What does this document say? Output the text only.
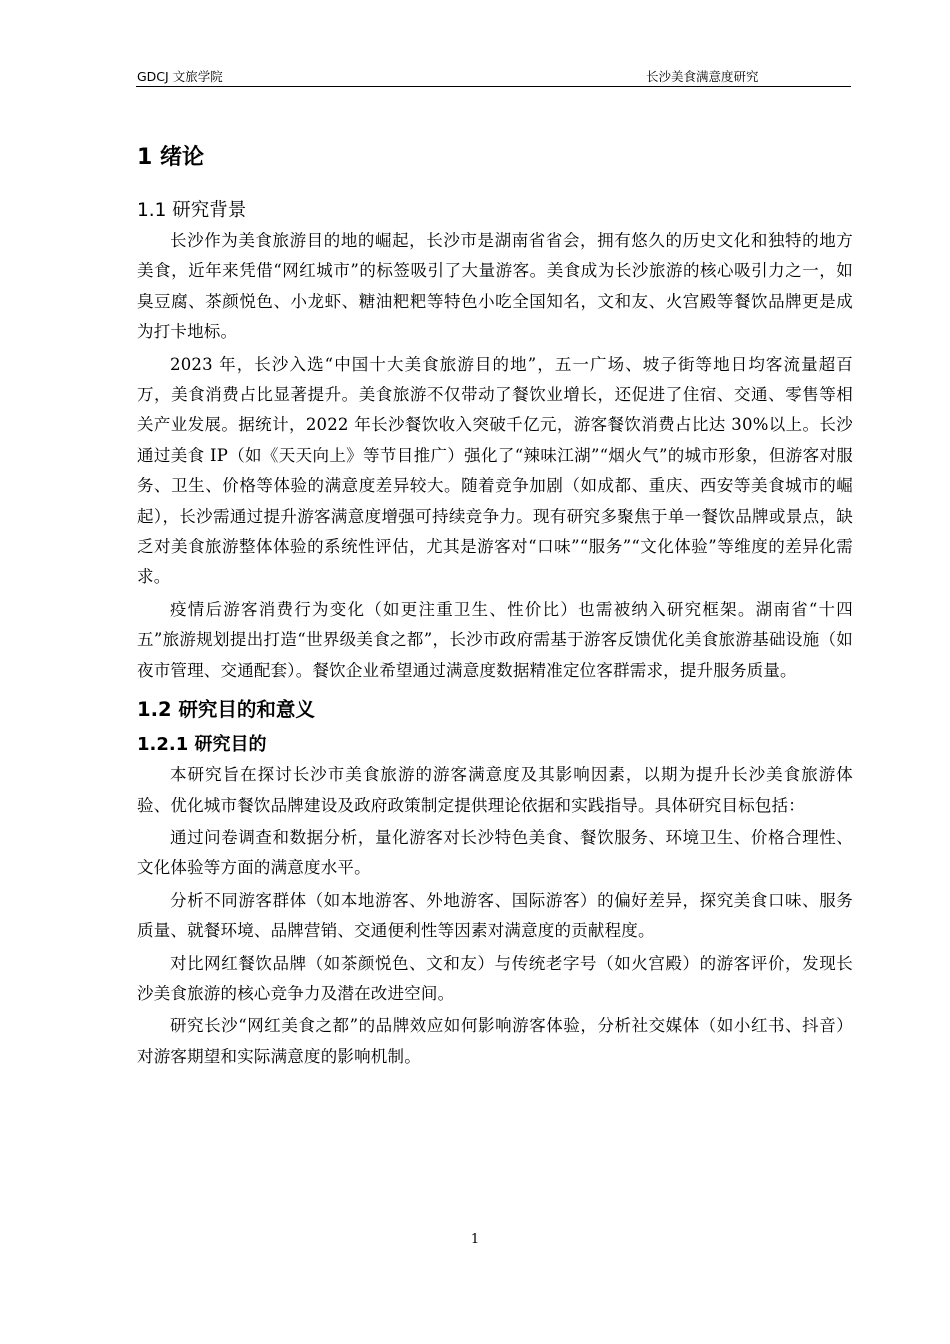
GDCJ 文旅学院	长沙美食满意度研究
1 绪论
1.1 研究背景

长沙作为美食旅游目的地的崛起，长沙市是湖南省省会，拥有悠久的历史文化和独特的地方美食，近年来凭借“网红城市”的标签吸引了大量游客。美食成为长沙旅游的核心吸引力之一，如臭豆腐、茶颜悦色、小龙虾、糖油粑粑等特色小吃全国知名，文和友、火宫殿等餐饮品牌更是成为打卡地标。

2023 年，长沙入选“中国十大美食旅游目的地”，五一广场、坡子街等地日均客流量超百万，美食消费占比显著提升。美食旅游不仅带动了餐饮业增长，还促进了住宿、交通、零售等相关产业发展。据统计，2022 年长沙餐饮收入突破千亿元，游客餐饮消费占比达 30%以上。长沙通过美食 IP（如《天天向上》等节目推广）强化了“辣味江湖”“烟火气”的城市形象，但游客对服务、卫生、价格等体验的满意度差异较大。随着竞争加剧（如成都、重庆、西安等美食城市的崛起），长沙需通过提升游客满意度增强可持续竞争力。现有研究多聚焦于单一餐饮品牌或景点，缺乏对美食旅游整体体验的系统性评估，尤其是游客对“口味”“服务”“文化体验”等维度的差异化需求。

疫情后游客消费行为变化（如更注重卫生、性价比）也需被纳入研究框架。湖南省“十四五”旅游规划提出打造“世界级美食之都”，长沙市政府需基于游客反馈优化美食旅游基础设施（如夜市管理、交通配套）。餐饮企业希望通过满意度数据精准定位客群需求，提升服务质量。

1.2 研究目的和意义
1.2.1 研究目的

本研究旨在探讨长沙市美食旅游的游客满意度及其影响因素，以期为提升长沙美食旅游体验、优化城市餐饮品牌建设及政府政策制定提供理论依据和实践指导。具体研究目标包括：

通过问卷调查和数据分析，量化游客对长沙特色美食、餐饮服务、环境卫生、价格合理性、文化体验等方面的满意度水平。

分析不同游客群体（如本地游客、外地游客、国际游客）的偏好差异，探究美食口味、服务质量、就餐环境、品牌营销、交通便利性等因素对满意度的贡献程度。

对比网红餐饮品牌（如茶颜悦色、文和友）与传统老字号（如火宫殿）的游客评价，发现长沙美食旅游的核心竞争力及潜在改进空间。

研究长沙“网红美食之都”的品牌效应如何影响游客体验，分析社交媒体（如小红书、抖音）对游客期望和实际满意度的影响机制。

1
